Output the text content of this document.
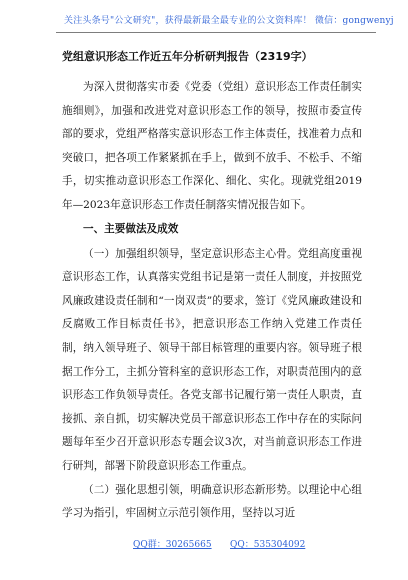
关注头条号"公文研究"，获得最新最全最专业的公文资料库！ 微信：gongwenyj
党组意识形态工作近五年分析研判报告（2319字）

为深入贯彻落实市委《党委（党组）意识形态工作责任制实施细则》，加强和改进党对意识形态工作的领导，按照市委宣传部的要求，党组严格落实意识形态工作主体责任，找准着力点和突破口，把各项工作紧紧抓在手上，做到不放手、不松手、不缩手，切实推动意识形态工作深化、细化、实化。现就党组2019年—2023年意识形态工作责任制落实情况报告如下。

一、主要做法及成效

（一）加强组织领导，坚定意识形态主心骨。党组高度重视意识形态工作，认真落实党组书记是第一责任人制度，并按照党风廉政建设责任制和“一岗双责”的要求，签订《党风廉政建设和反腐败工作目标责任书》，把意识形态工作纳入党建工作责任制，纳入领导班子、领导干部目标管理的重要内容。领导班子根据工作分工，主抓分管科室的意识形态工作，对职责范围内的意识形态工作负领导责任。各党支部书记履行第一责任人职责，直接抓、亲自抓，切实解决党员干部意识形态工作中存在的实际问题每年至少召开意识形态专题会议3次，对当前意识形态工作进行研判，部署下阶段意识形态工作重点。

（二）强化思想引领，明确意识形态新形势。以理论中心组学习为指引，牢固树立示范引领作用，坚持以习近

QQ群：30265665 QQ：535304092
